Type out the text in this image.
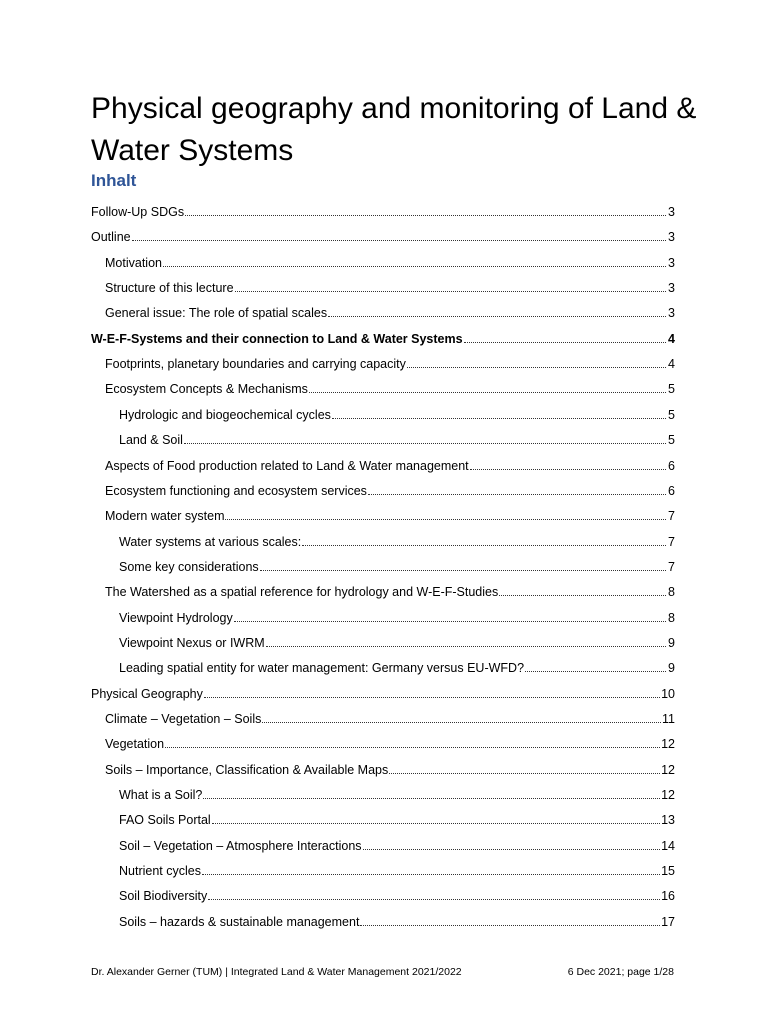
Physical geography and monitoring of Land & Water Systems
Inhalt
Follow-Up SDGs	3
Outline	3
Motivation	3
Structure of this lecture	3
General issue: The role of spatial scales	3
W-E-F-Systems and their connection to Land & Water Systems	4
Footprints, planetary boundaries and carrying capacity	4
Ecosystem Concepts & Mechanisms	5
Hydrologic and biogeochemical cycles	5
Land & Soil	5
Aspects of Food production related to Land & Water management	6
Ecosystem functioning and ecosystem services	6
Modern water system	7
Water systems at various scales:	7
Some key considerations	7
The Watershed as a spatial reference for hydrology and W-E-F-Studies	8
Viewpoint Hydrology	8
Viewpoint Nexus or IWRM	9
Leading spatial entity for water management: Germany versus EU-WFD?	9
Physical Geography	10
Climate – Vegetation – Soils	11
Vegetation	12
Soils – Importance, Classification & Available Maps	12
What is a Soil?	12
FAO Soils Portal	13
Soil – Vegetation – Atmosphere Interactions	14
Nutrient cycles	15
Soil Biodiversity	16
Soils – hazards & sustainable management	17
Dr. Alexander Gerner (TUM) | Integrated Land & Water Management 2021/2022	6 Dec 2021; page 1/28
